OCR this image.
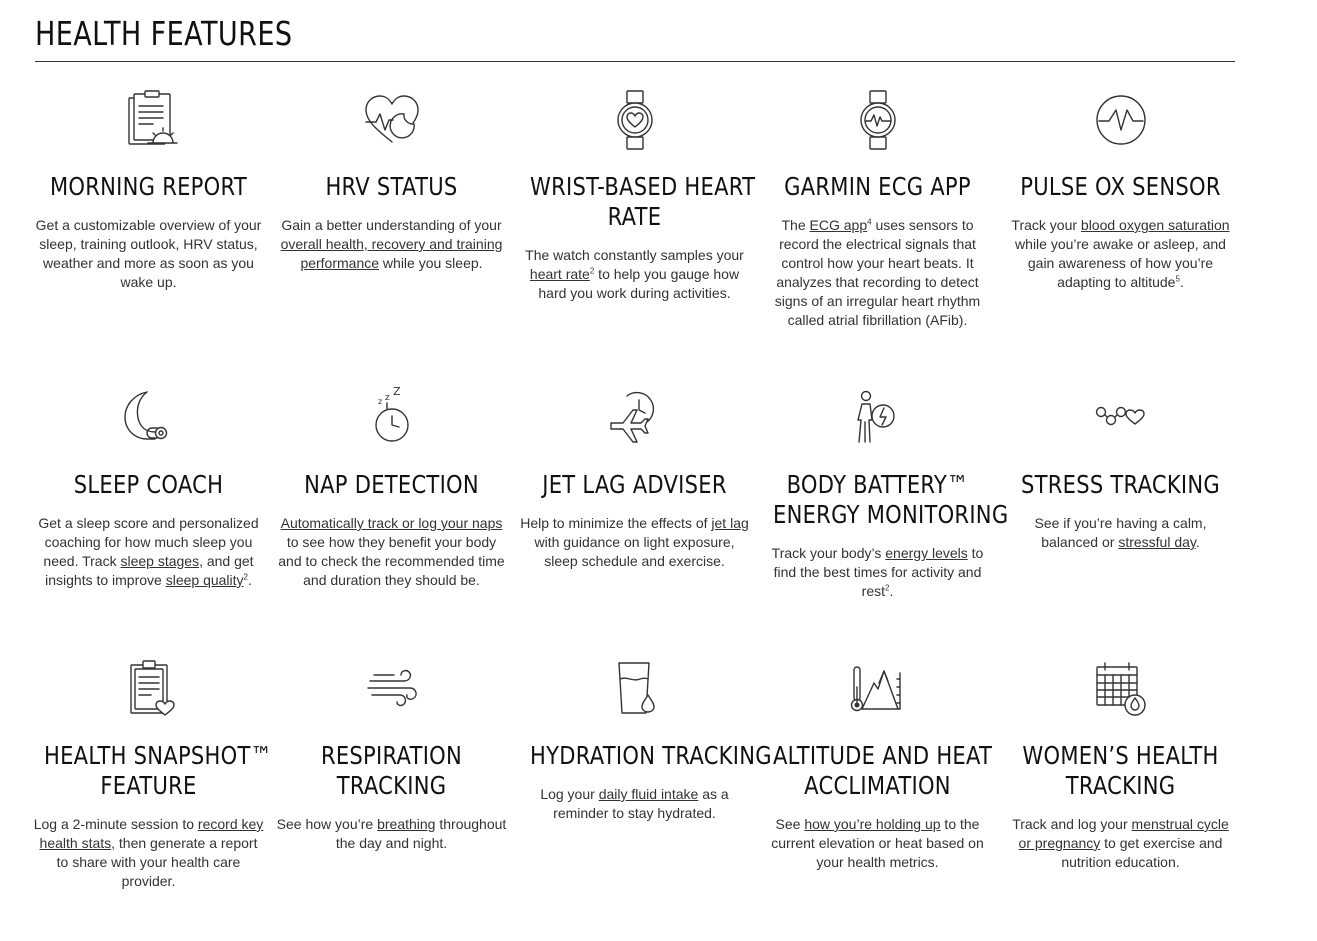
HEALTH FEATURES
MORNING REPORT

Get a customizable overview of your sleep, training outlook, HRV status, weather and more as soon as you wake up.

HRV STATUS

Gain a better understanding of your overall health, recovery and training performance while you sleep.

WRIST-BASED HEART
RATE

The watch constantly samples your heart rate$^2$ to help you gauge how hard you work during activities.

GARMIN ECG APP

The ECG app$^4$ uses sensors to record the electrical signals that control how your heart beats. It analyzes that recording to detect signs of an irregular heart rhythm called atrial fibrillation (AFib).

PULSE OX SENSOR

Track your blood oxygen saturation while you’re awake or asleep, and gain awareness of how you’re adapting to altitude$^5$.

SLEEP COACH

Get a sleep score and personalized coaching for how much sleep you need. Track sleep stages, and get insights to improve sleep quality$^2$.

z z Z
NAP DETECTION

Automatically track or log your naps to see how they benefit your body and to check the recommended time and duration they should be.

JET LAG ADVISER

Help to minimize the effects of jet lag with guidance on light exposure, sleep schedule and exercise.

BODY BATTERY™
ENERGY MONITORING

Track your body’s energy levels to find the best times for activity and rest$^2$.

STRESS TRACKING

See if you’re having a calm, balanced or stressful day.

HEALTH SNAPSHOT™
FEATURE

Log a 2-minute session to record key health stats, then generate a report to share with your health care provider.

RESPIRATION
TRACKING

See how you’re breathing throughout the day and night.

HYDRATION TRACKING

Log your daily fluid intake as a reminder to stay hydrated.

ALTITUDE AND HEAT
ACCLIMATION

See how you’re holding up to the current elevation or heat based on your health metrics.

WOMEN’S HEALTH
TRACKING

Track and log your menstrual cycle or pregnancy to get exercise and nutrition education.
